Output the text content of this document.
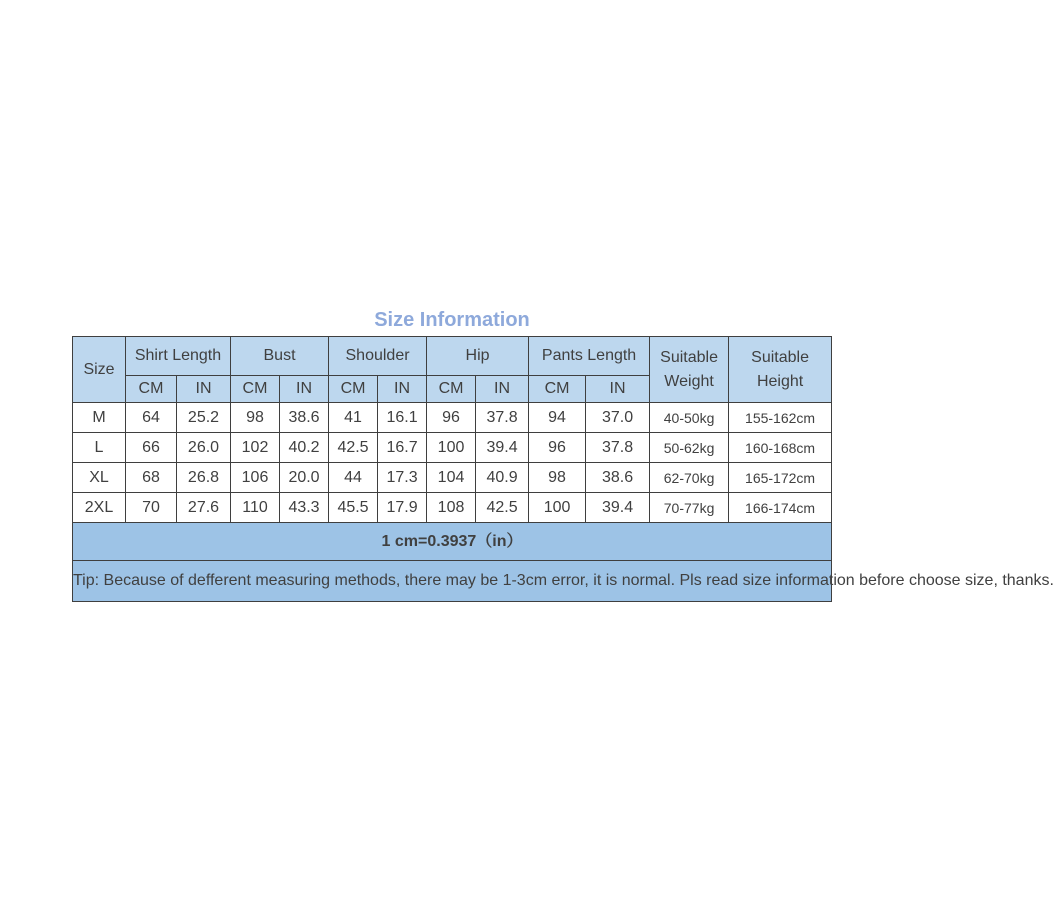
Size Information
Size	Shirt Length		Bust		Shoulder		Hip		Pants Length		Suitable Weight	Suitable Height
	CM	IN	CM	IN	CM	IN	CM	IN	CM	IN		
M	64	25.2	98	38.6	41	16.1	96	37.8	94	37.0	40-50kg	155-162cm
L	66	26.0	102	40.2	42.5	16.7	100	39.4	96	37.8	50-62kg	160-168cm
XL	68	26.8	106	20.0	44	17.3	104	40.9	98	38.6	62-70kg	165-172cm
2XL	70	27.6	110	43.3	45.5	17.9	108	42.5	100	39.4	70-77kg	166-174cm
1 cm=0.3937（in）												
Tip: Because of defferent measuring methods, there may be 1-3cm error, it is normal. Pls read size information before choose size, thanks.												
